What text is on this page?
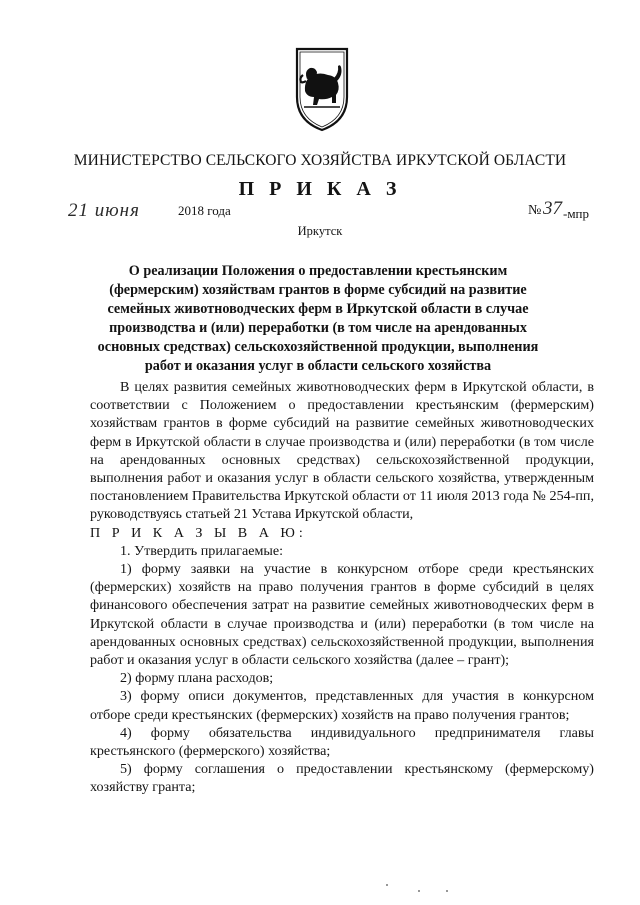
МИНИСТЕРСТВО СЕЛЬСКОГО ХОЗЯЙСТВА ИРКУТСКОЙ ОБЛАСТИ
П Р И К А З
21 июня	2018 года	№ 37 -мпр
Иркутск
О реализации Положения о предоставлении крестьянским (фермерским) хозяйствам грантов в форме субсидий на развитие семейных животноводческих ферм в Иркутской области в случае производства и (или) переработки (в том числе на арендованных основных средствах) сельскохозяйственной продукции, выполнения работ и оказания услуг в области сельского хозяйства

В целях развития семейных животноводческих ферм в Иркутской области, в соответствии с Положением о предоставлении крестьянским (фермерским) хозяйствам грантов в форме субсидий на развитие семейных животноводческих ферм в Иркутской области в случае производства и (или) переработки (в том числе на арендованных основных средствах) сельскохозяйственной продукции, выполнения работ и оказания услуг в области сельского хозяйства, утвержденным постановлением Правительства Иркутской области от 11 июля 2013 года № 254-пп, руководствуясь статьей 21 Устава Иркутской области,

П Р И К А З Ы В А Ю:

1. Утвердить прилагаемые:

1) форму заявки на участие в конкурсном отборе среди крестьянских (фермерских) хозяйств на право получения грантов в форме субсидий в целях финансового обеспечения затрат на развитие семейных животноводческих ферм в Иркутской области в случае производства и (или) переработки (в том числе на арендованных основных средствах) сельскохозяйственной продукции, выполнения работ и оказания услуг в области сельского хозяйства (далее – грант);

2) форму плана расходов;

3) форму описи документов, представленных для участия в конкурсном отборе среди крестьянских (фермерских) хозяйств на право получения грантов;

4) форму обязательства индивидуального предпринимателя главы крестьянского (фермерского) хозяйства;

5) форму соглашения о предоставлении крестьянскому (фермерскому) хозяйству гранта;
